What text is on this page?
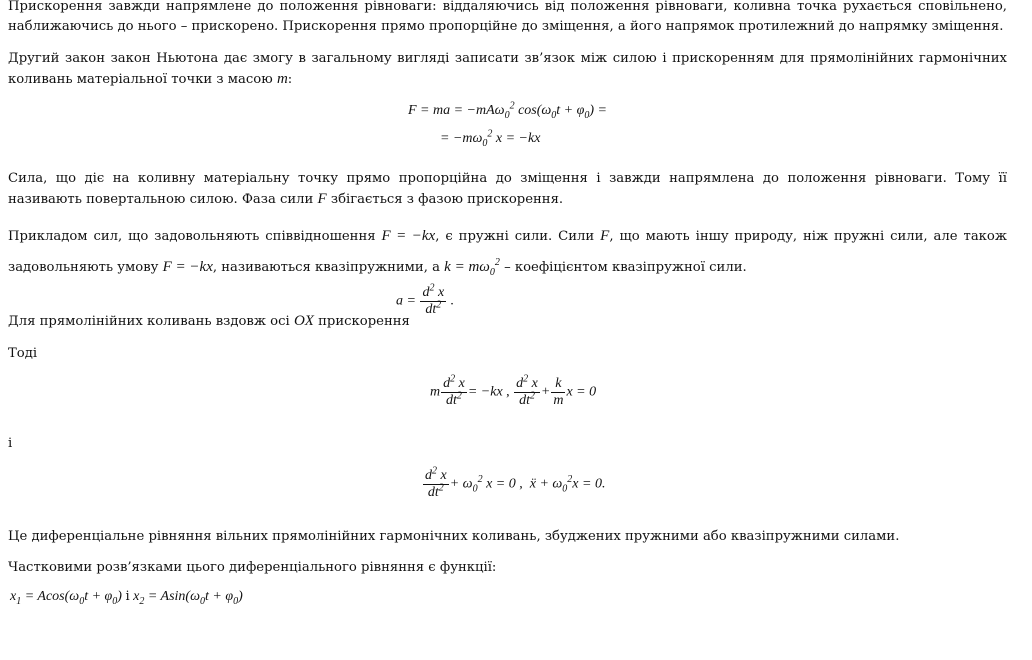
Прискорення завжди напрямлене до положення рівноваги: віддаляючись від положення рівноваги, коливна точка рухається сповільнено, наближаючись до нього – прискорено. Прискорення прямо пропорційне до зміщення, а його напрямок протилежний до напрямку зміщення.

Другий закон закон Ньютона дає змогу в загальному вигляді записати зв’язок між силою і прискоренням для прямолінійних гармонічних коливань матеріальної точки з масою m:

F = ma = −mAω$_0^2$ $\cos(\omega_0t + \varphi_0)$ =
= $-m\omega_0^2$ x = −kx

Сила, що діє на коливну матеріальну точку прямо пропорційна до зміщення і завжди напрямлена до положення рівноваги. Тому її називають повертальною силою. Фаза сили F збігається з фазою прискорення.

Прикладом сил, що задовольняють співвідношення F = −kx, є пружні сили. Сили F, що мають іншу природу, ніж пружні сили, але також задовольняють умову F = −kx, називаються квазіпружними, а $k = m\omega_0^2$ – коефіцієнтом квазіпружної сили.

Для прямолінійних коливань вздовж осі OX прискорення

$a = \frac{d^2 x}{dt^2}$ .

Тоді

m $\frac{d^2 x}{dt^2} = -kx$ , $\frac{d^2 x}{dt^2} + \frac{k}{m}$ x = 0

і

$\frac{d^2 x}{dt^2} + \omega_0^2$ x = 0 ,  ẍ + $\omega_0^2x = 0$.

Це диференціальне рівняння вільних прямолінійних гармонічних коливань, збуджених пружними або квазіпружними силами.

Частковими розв’язками цього диференціального рівняння є функції:

$x_1 = Acos(\omega_0t + \varphi_0)$ і $x_2 = Asin(\omega_0t + \varphi_0)$
